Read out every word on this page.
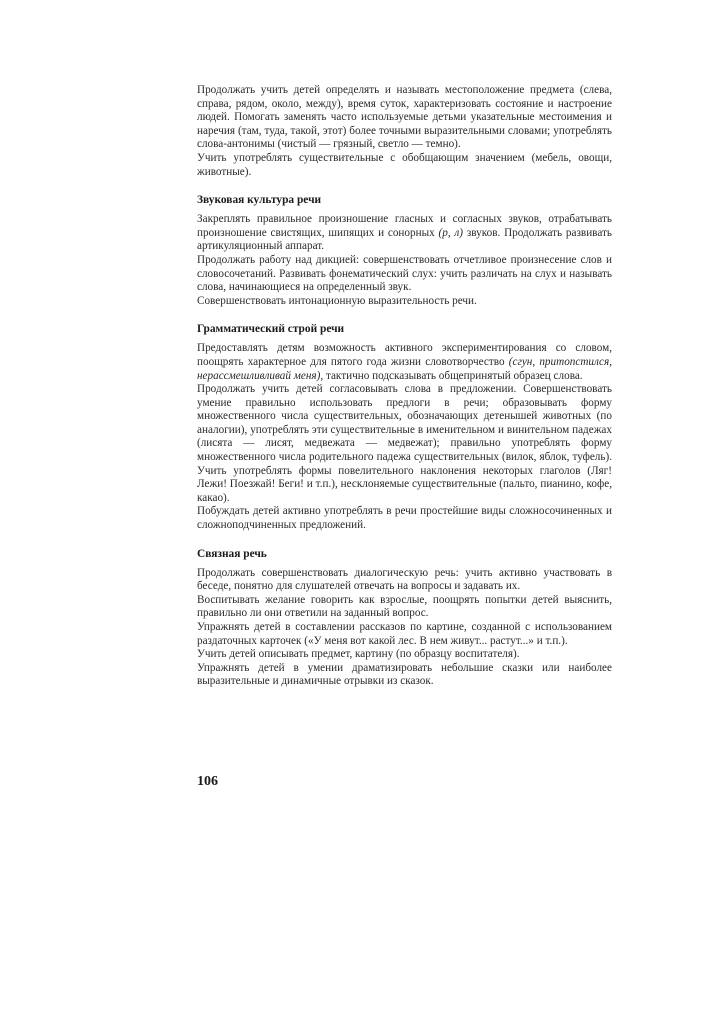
Продолжать учить детей определять и называть местоположение предмета (слева, справа, рядом, около, между), время суток, характеризовать состояние и настроение людей. Помогать заменять часто используемые детьми указательные местоимения и наречия (там, туда, такой, этот) более точными выразительными словами; употреблять слова-антонимы (чистый — грязный, светло — темно).

Учить употреблять существительные с обобщающим значением (мебель, овощи, животные).

Звуковая культура речи

Закреплять правильное произношение гласных и согласных звуков, отрабатывать произношение свистящих, шипящих и сонорных (р, л) звуков. Продолжать развивать артикуляционный аппарат.

Продолжать работу над дикцией: совершенствовать отчетливое произнесение слов и словосочетаний. Развивать фонематический слух: учить различать на слух и называть слова, начинающиеся на определенный звук.

Совершенствовать интонационную выразительность речи.

Грамматический строй речи

Предоставлять детям возможность активного экспериментирования со словом, поощрять характерное для пятого года жизни словотворчество (сгун, притопстился, нерассмешливливай меня), тактично подсказывать общепринятый образец слова.

Продолжать учить детей согласовывать слова в предложении. Совершенствовать умение правильно использовать предлоги в речи; образовывать форму множественного числа существительных, обозначающих детенышей животных (по аналогии), употреблять эти существительные в именительном и винительном падежах (лисята — лисят, медвежата — медвежат); правильно употреблять форму множественного числа родительного падежа существительных (вилок, яблок, туфель). Учить употреблять формы повелительного наклонения некоторых глаголов (Ляг! Лежи! Поезжай! Беги! и т.п.), несклоняемые существительные (пальто, пианино, кофе, какао).

Побуждать детей активно употреблять в речи простейшие виды сложносочиненных и сложноподчиненных предложений.

Связная речь

Продолжать совершенствовать диалогическую речь: учить активно участвовать в беседе, понятно для слушателей отвечать на вопросы и задавать их.

Воспитывать желание говорить как взрослые, поощрять попытки детей выяснить, правильно ли они ответили на заданный вопрос.

Упражнять детей в составлении рассказов по картине, созданной с использованием раздаточных карточек («У меня вот какой лес. В нем живут... растут...» и т.п.).

Учить детей описывать предмет, картину (по образцу воспитателя).

Упражнять детей в умении драматизировать небольшие сказки или наиболее выразительные и динамичные отрывки из сказок.

106
